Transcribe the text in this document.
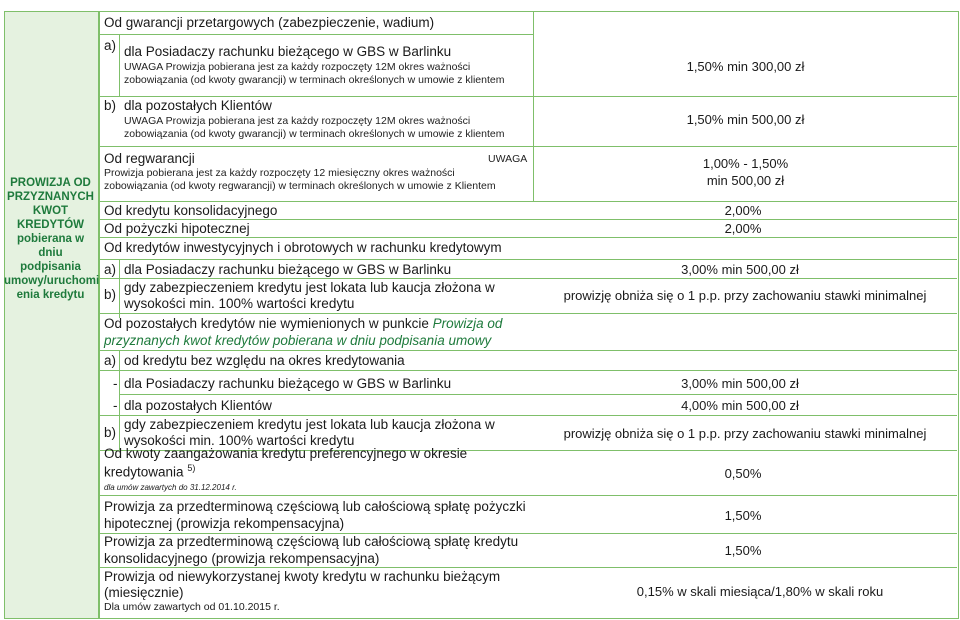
PROWIZJA OD
PRZYZNANYCH
KWOT
KREDYTÓW
pobierana w dniu
podpisania
umowy/uruchomi
enia kredytu
Od gwarancji przetargowych (zabezpieczenie, wadium)
a) dla Posiadaczy rachunku bieżącego w GBS w Barlinku
UWAGA Prowizja pobierana jest za każdy rozpoczęty 12M okres ważności
zobowiązania (od kwoty gwarancji) w terminach określonych w umowie z klientem
1,50% min 300,00 zł
b) dla pozostałych Klientów
UWAGA Prowizja pobierana jest za każdy rozpoczęty 12M okres ważności
zobowiązania (od kwoty gwarancji) w terminach określonych w umowie z klientem
1,50% min 500,00 zł
Od regwarancji	UWAGA
Prowizja pobierana jest za każdy rozpoczęty 12 miesięczny okres ważności
zobowiązania (od kwoty regwarancji) w terminach określonych w umowie z Klientem
1,00% - 1,50%
min 500,00 zł
Od kredytu konsolidacyjnego	2,00%
Od pożyczki hipotecznej	2,00%
Od kredytów inwestycyjnych i obrotowych w rachunku kredytowym
a) dla Posiadaczy rachunku bieżącego w GBS w Barlinku	3,00% min 500,00 zł
b) gdy zabezpieczeniem kredytu jest lokata lub kaucja złożona w
wysokości min. 100% wartości kredytu
prowizję obniża się o 1 p.p. przy zachowaniu stawki minimalnej
Od pozostałych kredytów nie wymienionych w punkcie Prowizja od
przyznanych kwot kredytów pobierana w dniu podpisania umowy
a) od kredytu bez względu na okres kredytowania
- dla Posiadaczy rachunku bieżącego w GBS w Barlinku	3,00% min 500,00 zł
- dla pozostałych Klientów	4,00% min 500,00 zł
b)
gdy zabezpieczeniem kredytu jest lokata lub kaucja złożona w
wysokości min. 100% wartości kredytu	prowizję obniża się o 1 p.p. przy zachowaniu stawki minimalnej
Od kwoty zaangażowania kredytu preferencyjnego w okresie
kredytowania $^{5)}$
dla umów zawartych do 31.12.2014 r.
0,50%
Prowizja za przedterminową częściową lub całościową spłatę pożyczki
hipotecznej (prowizja rekompensacyjna)
1,50%
Prowizja za przedterminową częściową lub całościową spłatę kredytu
konsolidacyjnego (prowizja rekompensacyjna)
1,50%
Prowizja od niewykorzystanej kwoty kredytu w rachunku bieżącym
(miesięcznie)
Dla umów zawartych od 01.10.2015 r.
0,15% w skali miesiąca/1,80% w skali roku
